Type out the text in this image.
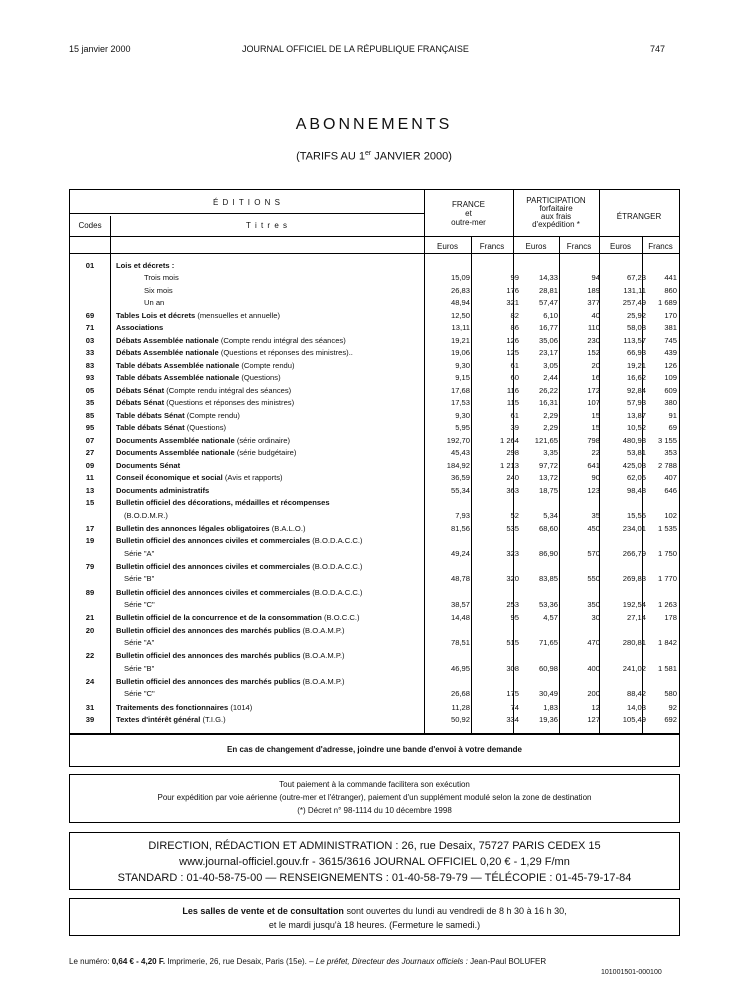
15 janvier 2000	JOURNAL OFFICIEL DE LA RÉPUBLIQUE FRANÇAISE	747
ABONNEMENTS
(TARIFS AU 1er JANVIER 2000)
É D I T I O N S
Codes	T i t r e s
FRANCE
et
outre-mer
PARTICIPATION
forfaitaire
aux frais
d'expédition *
ÉTRANGER
Euros	Francs	Euros	Francs	Euros	Francs
01	Lois et décrets :
Trois mois	15,09	99	14,33	94	67,23	441
Six mois	26,83	176	28,81	189	131,11	860
Un an	48,94	321	57,47	377	257,49	1 689
69	Tables Lois et décrets (mensuelles et annuelle)	12,50	82	6,10	40	25,92	170
71	Associations	13,11	86	16,77	110	58,08	381
03	Débats Assemblée nationale (Compte rendu intégral des séances)	19,21	126	35,06	230	113,57	745
33	Débats Assemblée nationale (Questions et réponses des ministres)..	19,06	125	23,17	152	66,93	439
83	Table débats Assemblée nationale (Compte rendu)	9,30	61	3,05	20	19,21	126
93	Table débats Assemblée nationale (Questions)	9,15	60	2,44	16	16,62	109
05	Débats Sénat (Compte rendu intégral des séances)	17,68	116	26,22	172	92,84	609
35	Débats Sénat (Questions et réponses des ministres)	17,53	115	16,31	107	57,93	380
85	Table débats Sénat (Compte rendu)	9,30	61	2,29	15	13,87	91
95	Table débats Sénat (Questions)	5,95	39	2,29	15	10,52	69
07	Documents Assemblée nationale (série ordinaire)	192,70	1 264	121,65	798	480,98	3 155
27	Documents Assemblée nationale (série budgétaire)	45,43	298	3,35	22	53,81	353
09	Documents Sénat	184,92	1 213	97,72	641	425,03	2 788
11	Conseil économique et social (Avis et rapports)	36,59	240	13,72	90	62,05	407
13	Documents administratifs	55,34	363	18,75	123	98,48	646
15	Bulletin officiel des décorations, médailles et récompenses
(B.O.D.M.R.)	7,93	52	5,34	35	15,55	102
17	Bulletin des annonces légales obligatoires (B.A.L.O.)	81,56	535	68,60	450	234,01	1 535
19	Bulletin officiel des annonces civiles et commerciales (B.O.D.A.C.C.)
Série "A"	49,24	323	86,90	570	266,79	1 750
79	Bulletin officiel des annonces civiles et commerciales (B.O.D.A.C.C.)
Série "B"	48,78	320	83,85	550	269,83	1 770
89	Bulletin officiel des annonces civiles et commerciales (B.O.D.A.C.C.)
Série "C"	38,57	253	53,36	350	192,54	1 263
21	Bulletin officiel de la concurrence et de la consommation (B.O.C.C.)	14,48	95	4,57	30	27,14	178
20	Bulletin officiel des annonces des marchés publics (B.O.A.M.P.)
Série "A"	78,51	515	71,65	470	280,81	1 842
22	Bulletin officiel des annonces des marchés publics (B.O.A.M.P.)
Série "B"	46,95	308	60,98	400	241,02	1 581
24	Bulletin officiel des annonces des marchés publics (B.O.A.M.P.)
Série "C"	26,68	175	30,49	200	88,42	580
31	Traitements des fonctionnaires (1014)	11,28	74	1,83	12	14,03	92
39	Textes d'intérêt général (T.I.G.)	50,92	334	19,36	127	105,49	692
En cas de changement d'adresse, joindre une bande d'envoi à votre demande
Tout paiement à la commande facilitera son exécution
Pour expédition par voie aérienne (outre-mer et l'étranger), paiement d'un supplément modulé selon la zone de destination
(*) Décret n° 98-1114 du 10 décembre 1998
DIRECTION, RÉDACTION ET ADMINISTRATION : 26, rue Desaix, 75727 PARIS CEDEX 15
www.journal-officiel.gouv.fr - 3615/3616 JOURNAL OFFICIEL 0,20 € - 1,29 F/mn
STANDARD : 01-40-58-75-00 — RENSEIGNEMENTS : 01-40-58-79-79 — TÉLÉCOPIE : 01-45-79-17-84
Les salles de vente et de consultation sont ouvertes du lundi au vendredi de 8 h 30 à 16 h 30,
et le mardi jusqu'à 18 heures. (Fermeture le samedi.)
Le numéro: 0,64 € - 4,20 F. Imprimerie, 26, rue Desaix, Paris (15e). – Le préfet, Directeur des Journaux officiels : Jean-Paul BOLUFER
101001501-000100
